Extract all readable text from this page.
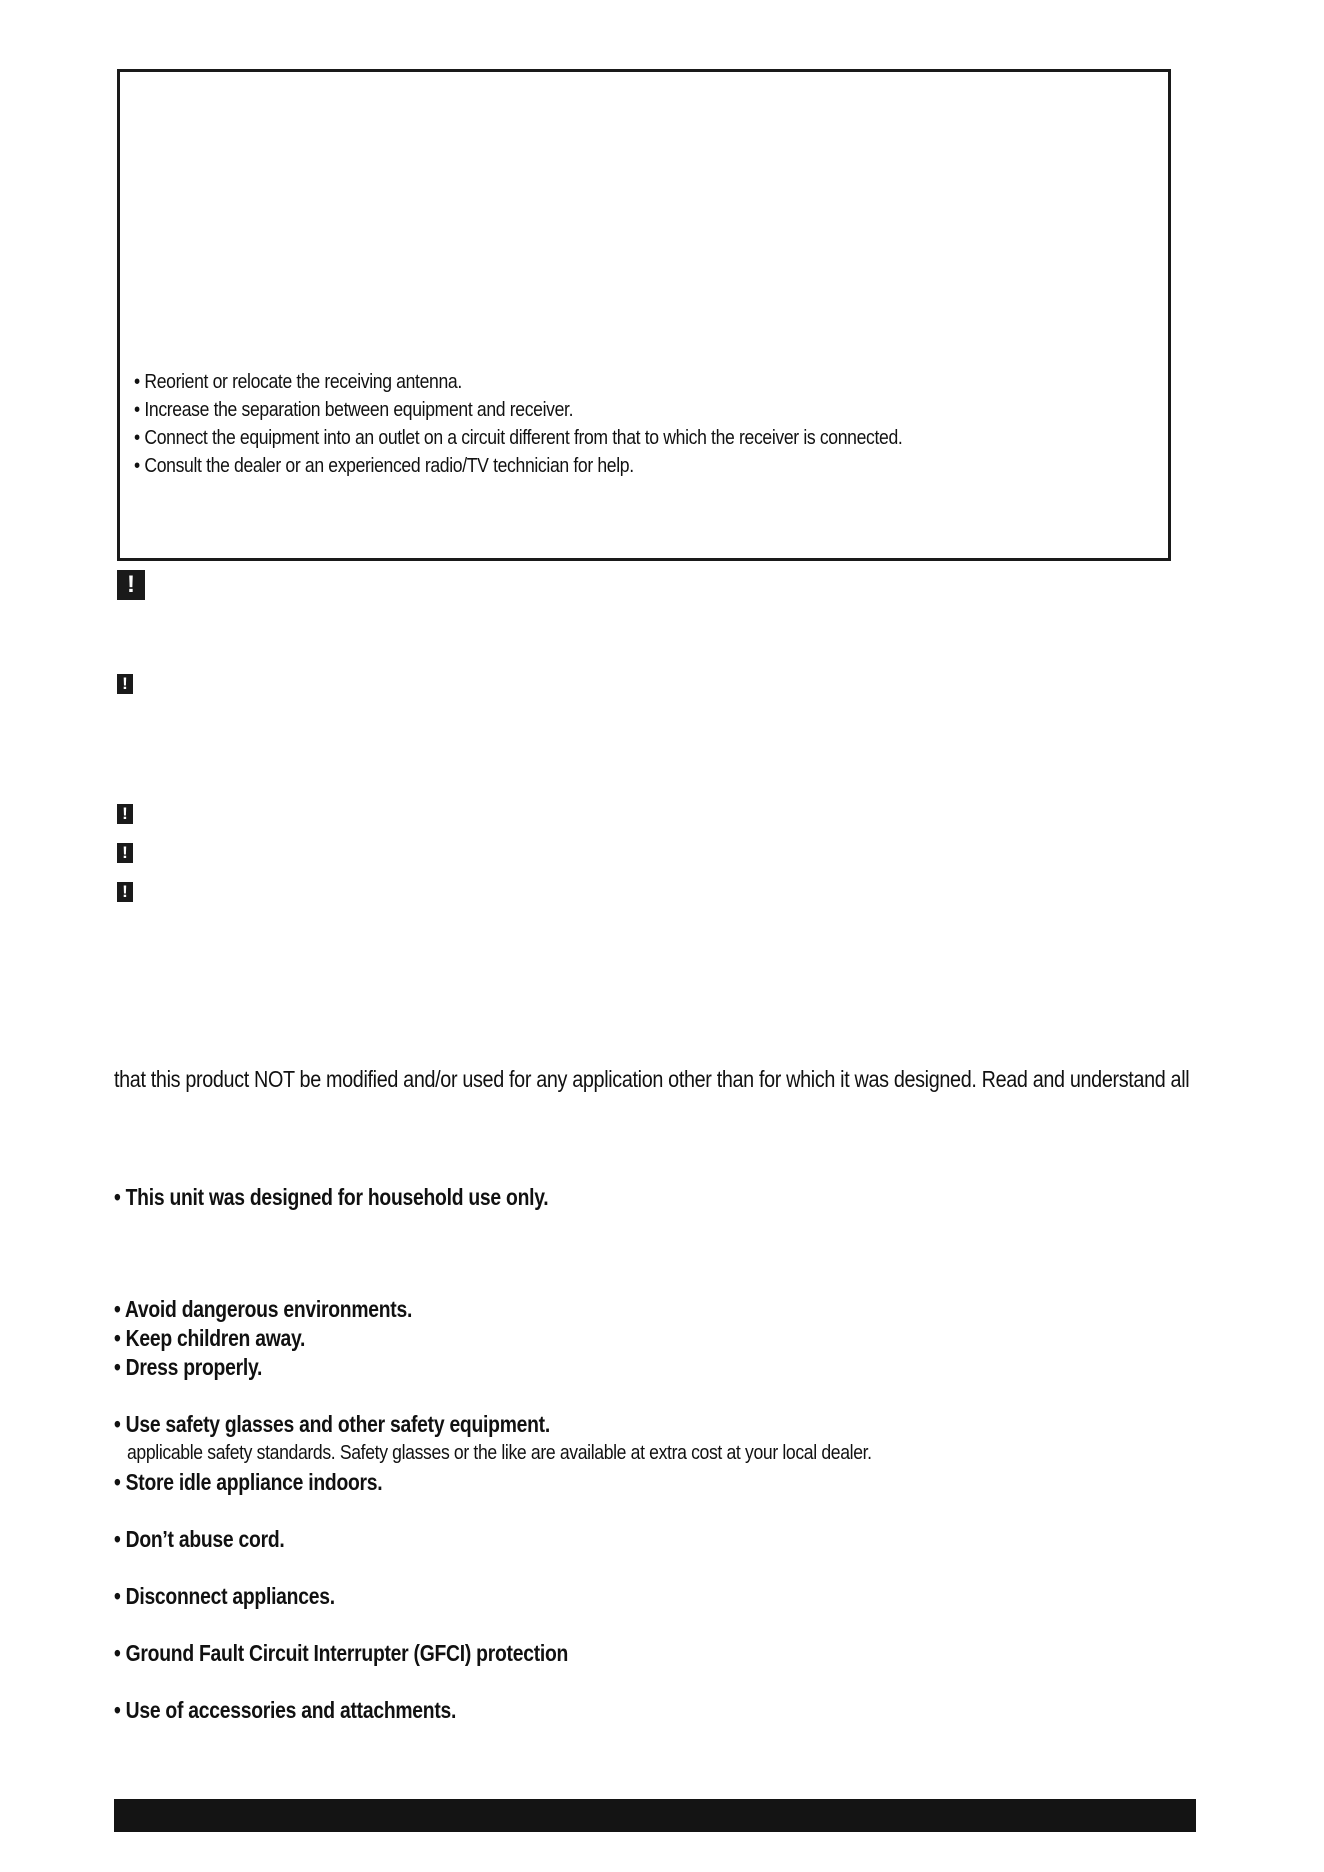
• Reorient or relocate the receiving antenna.
• Increase the separation between equipment and receiver.
• Connect the equipment into an outlet on a circuit different from that to which the receiver is connected.
• Consult the dealer or an experienced radio/TV technician for help.
!
!
!
!
!
that this product NOT be modified and/or used for any application other than for which it was designed. Read and understand all
• This unit was designed for household use only.
• Avoid dangerous environments.
• Keep children away.
• Dress properly.
• Use safety glasses and other safety equipment.
applicable safety standards. Safety glasses or the like are available at extra cost at your local dealer.
• Store idle appliance indoors.
• Don’t abuse cord.
• Disconnect appliances.
• Ground Fault Circuit Interrupter (GFCI) protection
• Use of accessories and attachments.
